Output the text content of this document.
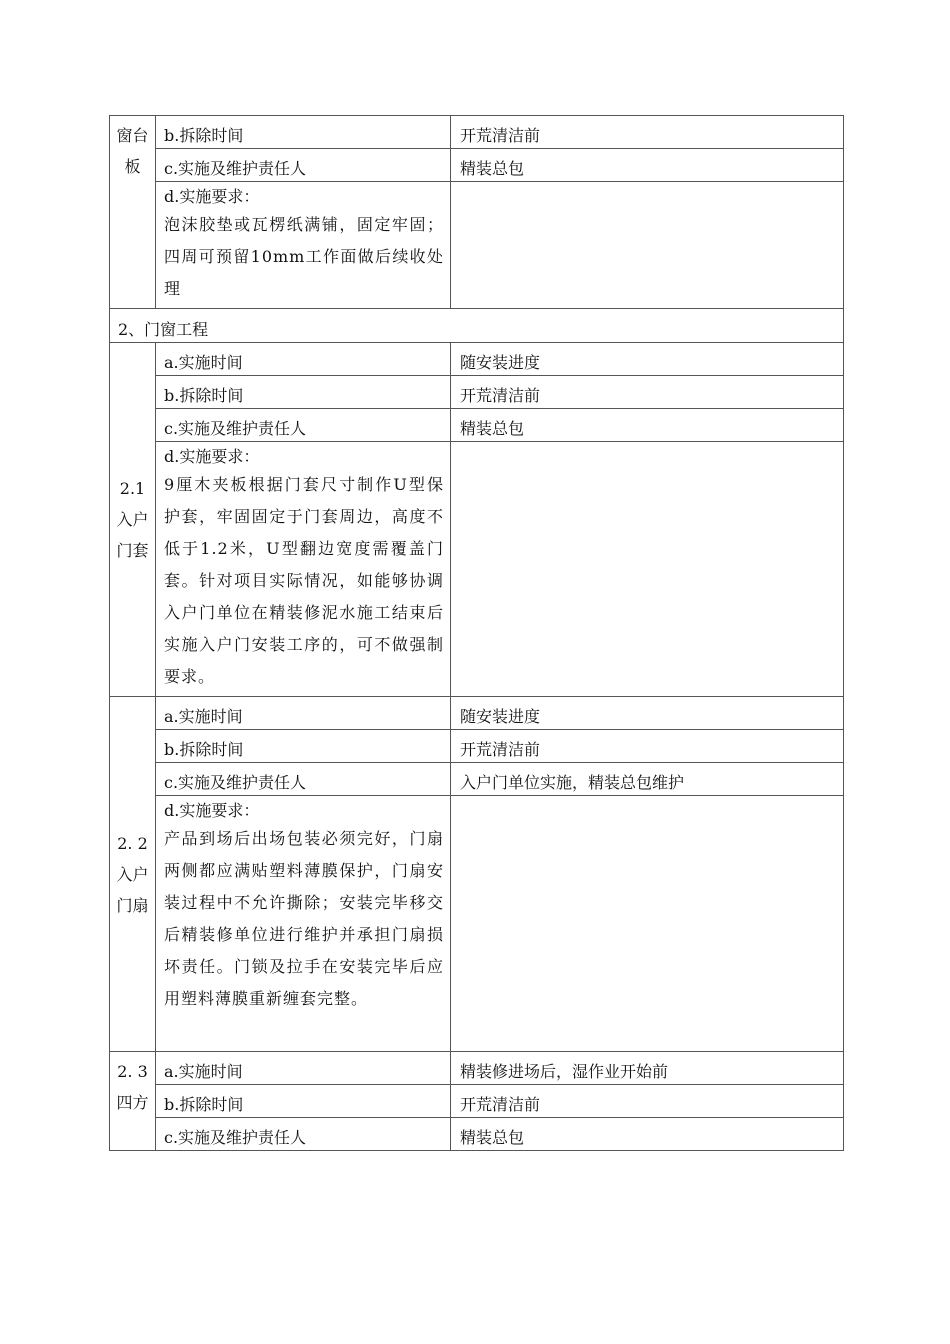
窗台板	b.拆除时间	开荒清洁前
	c.实施及维护责任人	精装总包

	d.实施要求：
泡沫胶垫或瓦楞纸满铺，固定牢固；四周可预留10mm工作面做后续收处理	

2、门窗工程		
2.1入户门套	a.实施时间	随安装进度
	b.拆除时间	开荒清洁前
	c.实施及维护责任人	精装总包

	d.实施要求：
9厘木夹板根据门套尺寸制作U型保护套，牢固固定于门套周边，高度不低于1.2米，U型翻边宽度需覆盖门套。针对项目实际情况，如能够协调入户门单位在精装修泥水施工结束后实施入户门安装工序的，可不做强制要求。	

2. 2入户门扇	a.实施时间	随安装进度
	b.拆除时间	开荒清洁前
	c.实施及维护责任人	入户门单位实施，精装总包维护

	d.实施要求：
产品到场后出场包装必须完好，门扇两侧都应满贴塑料薄膜保护，门扇安装过程中不允许撕除；安装完毕移交后精装修单位进行维护并承担门扇损坏责任。门锁及拉手在安装完毕后应用塑料薄膜重新缠套完整。	

2. 3四方	a.实施时间	精装修进场后，湿作业开始前
	b.拆除时间	开荒清洁前
	c.实施及维护责任人	精装总包
